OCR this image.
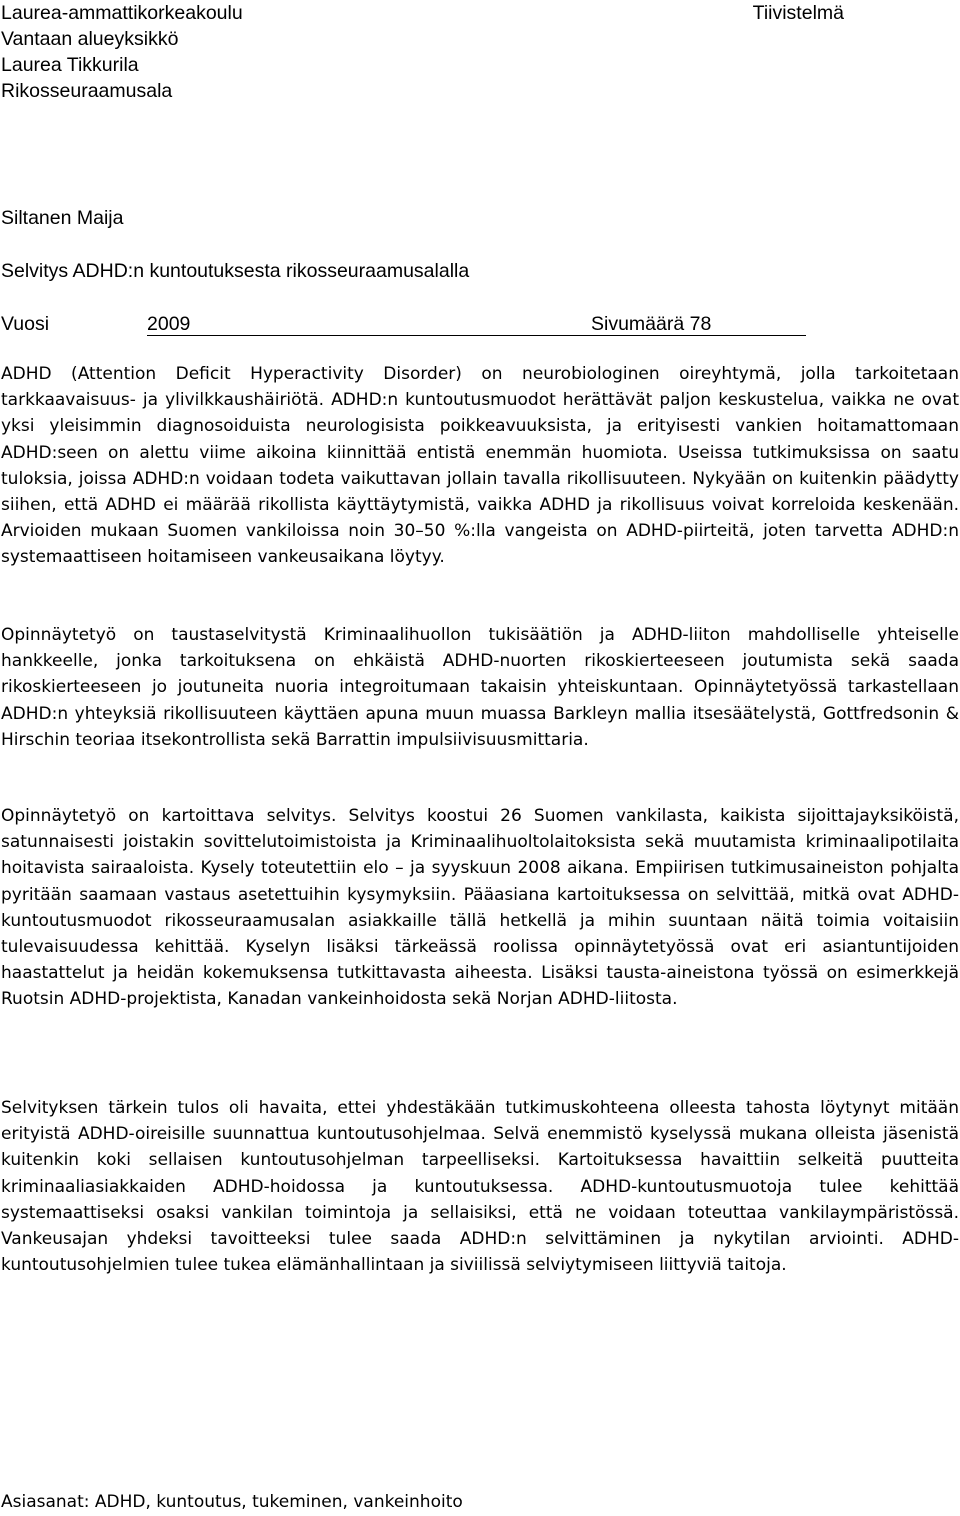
Laurea-ammattikorkeakoulu
Vantaan alueyksikkö
Laurea Tikkurila
Rikosseuraamusala
Tiivistelmä
Siltanen Maija
Selvitys ADHD:n kuntoutuksesta rikosseuraamusalalla
Vuosi	2009	Sivumäärä 78
ADHD (Attention Deficit Hyperactivity Disorder) on neurobiologinen oireyhtymä, jolla tarkoitetaan tarkkaavaisuus- ja ylivilkkaushäiriötä. ADHD:n kuntoutusmuodot herättävät paljon keskustelua, vaikka ne ovat yksi yleisimmin diagnosoiduista neurologisista poikkeavuuksista, ja erityisesti vankien hoitamattomaan ADHD:seen on alettu viime aikoina kiinnittää entistä enemmän huomiota. Useissa tutkimuksissa on saatu tuloksia, joissa ADHD:n voidaan todeta vaikuttavan jollain tavalla rikollisuuteen. Nykyään on kuitenkin päädytty siihen, että ADHD ei määrää rikollista käyttäytymistä, vaikka ADHD ja rikollisuus voivat korreloida keskenään. Arvioiden mukaan Suomen vankiloissa noin 30–50 %:lla vangeista on ADHD-piirteitä, joten tarvetta ADHD:n systemaattiseen hoitamiseen vankeusaikana löytyy.
Opinnäytetyö on taustaselvitystä Kriminaalihuollon tukisäätiön ja ADHD-liiton mahdolliselle yhteiselle hankkeelle, jonka tarkoituksena on ehkäistä ADHD-nuorten rikoskierteeseen joutumista sekä saada rikoskierteeseen jo joutuneita nuoria integroitumaan takaisin yhteiskuntaan. Opinnäytetyössä tarkastellaan ADHD:n yhteyksiä rikollisuuteen käyttäen apuna muun muassa Barkleyn mallia itsesäätelystä, Gottfredsonin & Hirschin teoriaa itsekontrollista sekä Barrattin impulsiivisuusmittaria.
Opinnäytetyö on kartoittava selvitys. Selvitys koostui 26 Suomen vankilasta, kaikista sijoittajayksiköistä, satunnaisesti joistakin sovittelutoimistoista ja Kriminaalihuoltolaitoksista sekä muutamista kriminaalipotilaita hoitavista sairaaloista. Kysely toteutettiin elo – ja syyskuun 2008 aikana. Empiirisen tutkimusaineiston pohjalta pyritään saamaan vastaus asetettuihin kysymyksiin. Pääasiana kartoituksessa on selvittää, mitkä ovat ADHD-kuntoutusmuodot rikosseuraamusalan asiakkaille tällä hetkellä ja mihin suuntaan näitä toimia voitaisiin tulevaisuudessa kehittää. Kyselyn lisäksi tärkeässä roolissa opinnäytetyössä ovat eri asiantuntijoiden haastattelut ja heidän kokemuksensa tutkittavasta aiheesta. Lisäksi tausta-aineistona työssä on esimerkkejä Ruotsin ADHD-projektista, Kanadan vankeinhoidosta sekä Norjan ADHD-liitosta.
Selvityksen tärkein tulos oli havaita, ettei yhdestäkään tutkimuskohteena olleesta tahosta löytynyt mitään erityistä ADHD-oireisille suunnattua kuntoutusohjelmaa. Selvä enemmistö kyselyssä mukana olleista jäsenistä kuitenkin koki sellaisen kuntoutusohjelman tarpeelliseksi. Kartoituksessa havaittiin selkeitä puutteita kriminaaliasiakkaiden ADHD-hoidossa ja kuntoutuksessa. ADHD-kuntoutusmuotoja tulee kehittää systemaattiseksi osaksi vankilan toimintoja ja sellaisiksi, että ne voidaan toteuttaa vankilaympäristössä. Vankeusajan yhdeksi tavoitteeksi tulee saada ADHD:n selvittäminen ja nykytilan arviointi. ADHD-kuntoutusohjelmien tulee tukea elämänhallintaan ja siviilissä selviytymiseen liittyviä taitoja.
Asiasanat: ADHD, kuntoutus, tukeminen, vankeinhoito
